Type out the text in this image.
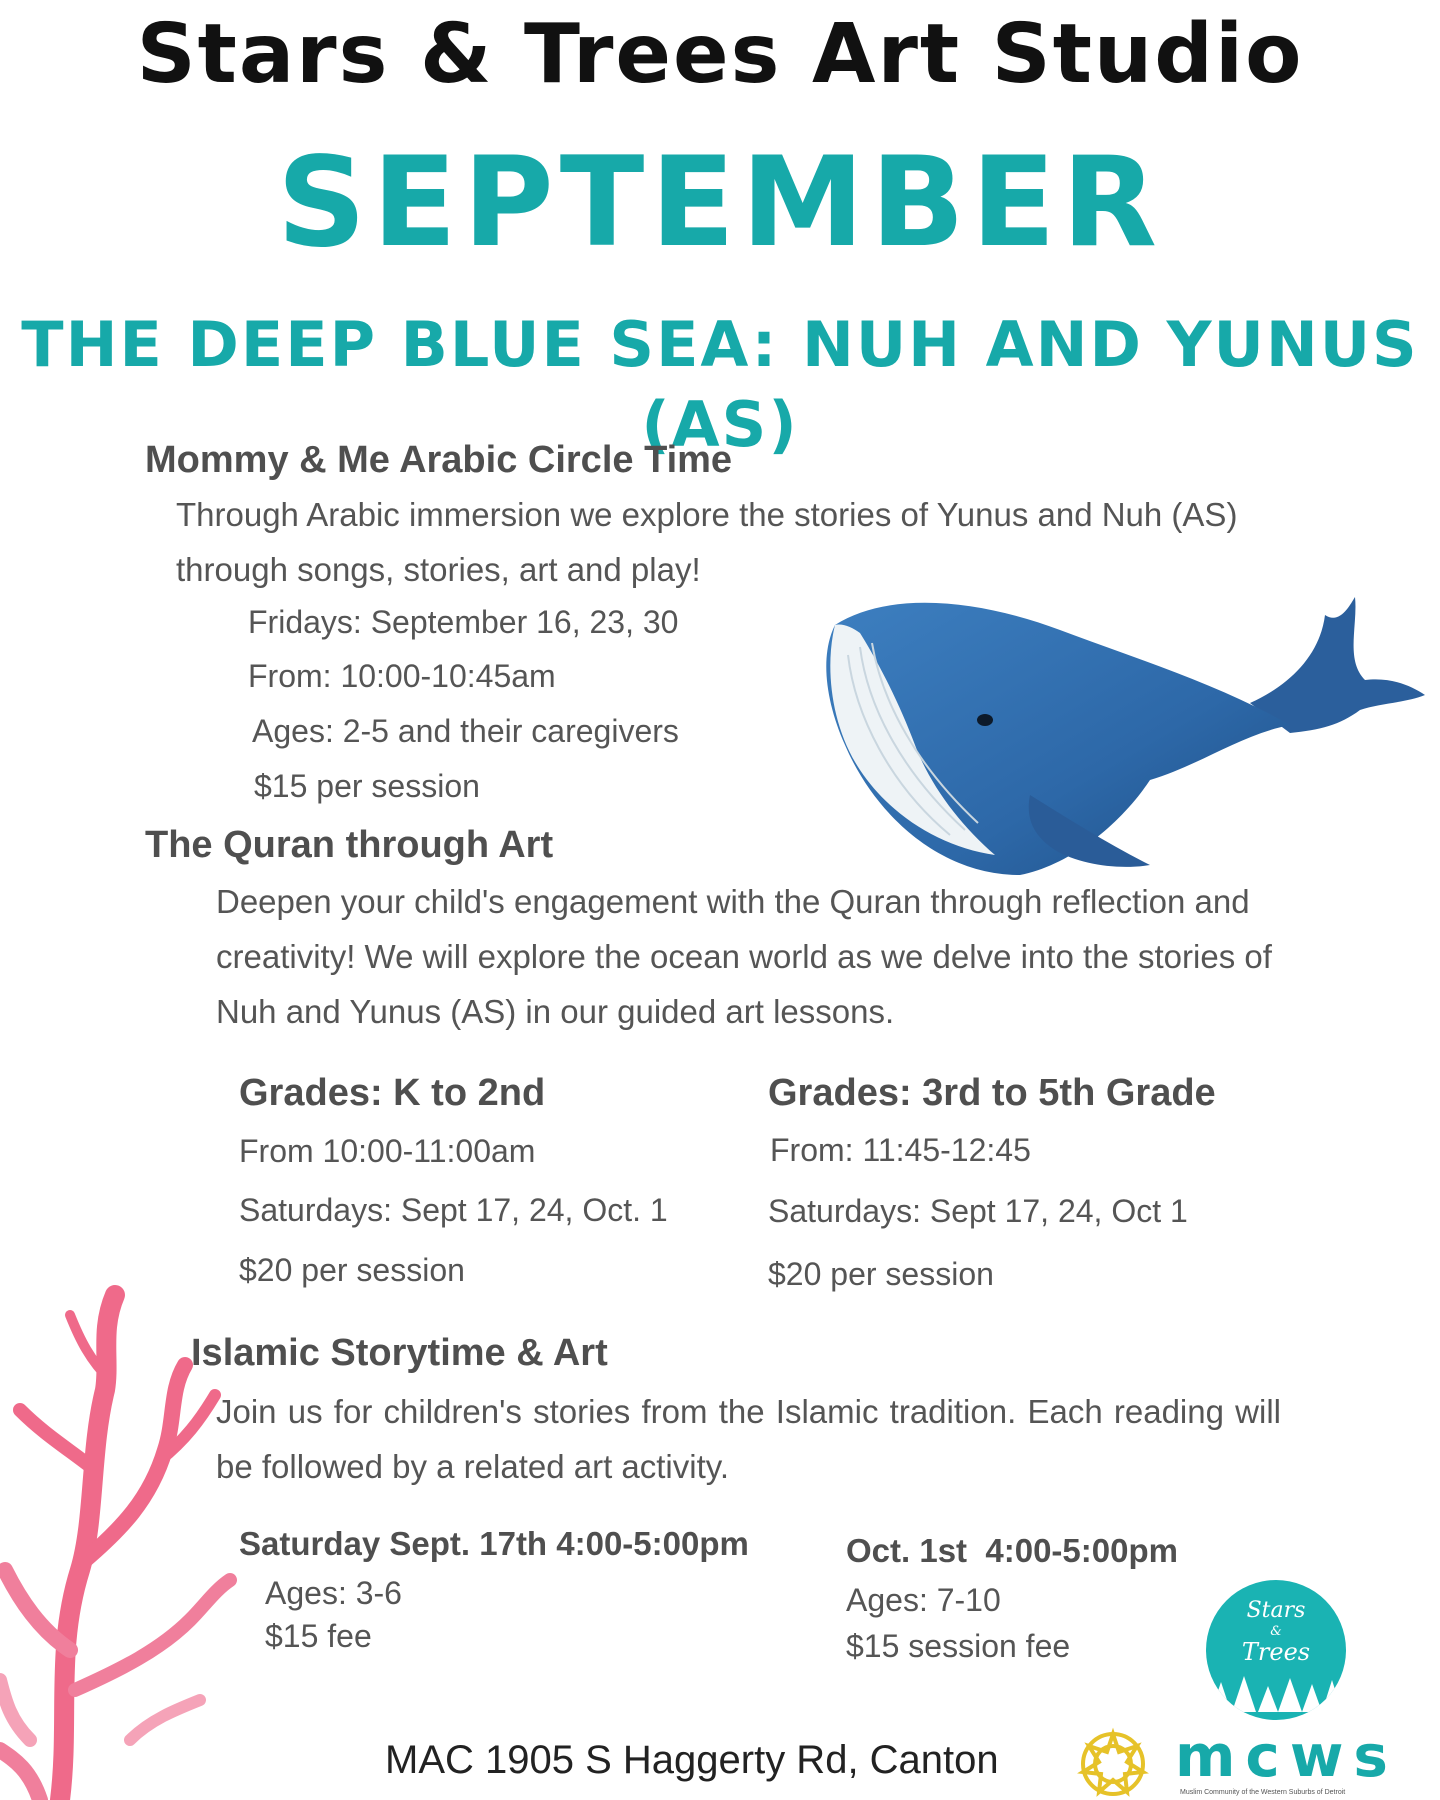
Stars & Trees Art Studio
SEPTEMBER
THE DEEP BLUE SEA: NUH AND YUNUS (AS)
Mommy & Me Arabic Circle Time
Through Arabic immersion we explore the stories of Yunus and Nuh (AS) through songs, stories, art and play!
Fridays: September 16, 23, 30
From: 10:00-10:45am
Ages: 2-5 and their caregivers
$15 per session
The Quran through Art
Deepen your child's engagement with the Quran through reflection and creativity! We will explore the ocean world as we delve into the stories of Nuh and Yunus (AS) in our guided art lessons.
Grades: K to 2nd
From 10:00-11:00am
Saturdays: Sept 17, 24, Oct. 1
$20 per session
Grades: 3rd to 5th Grade
From: 11:45-12:45
Saturdays: Sept 17, 24, Oct 1
$20 per session
Islamic Storytime & Art
Join us for children's stories from the Islamic tradition. Each reading will be followed by a related art activity.
Saturday Sept. 17th 4:00-5:00pm
Ages: 3-6
$15 fee
Oct. 1st  4:00-5:00pm
Ages: 7-10
$15 session fee
Stars
&
Trees
MAC 1905 S Haggerty Rd, Canton	mcws
Muslim Community of the Western Suburbs of Detroit
